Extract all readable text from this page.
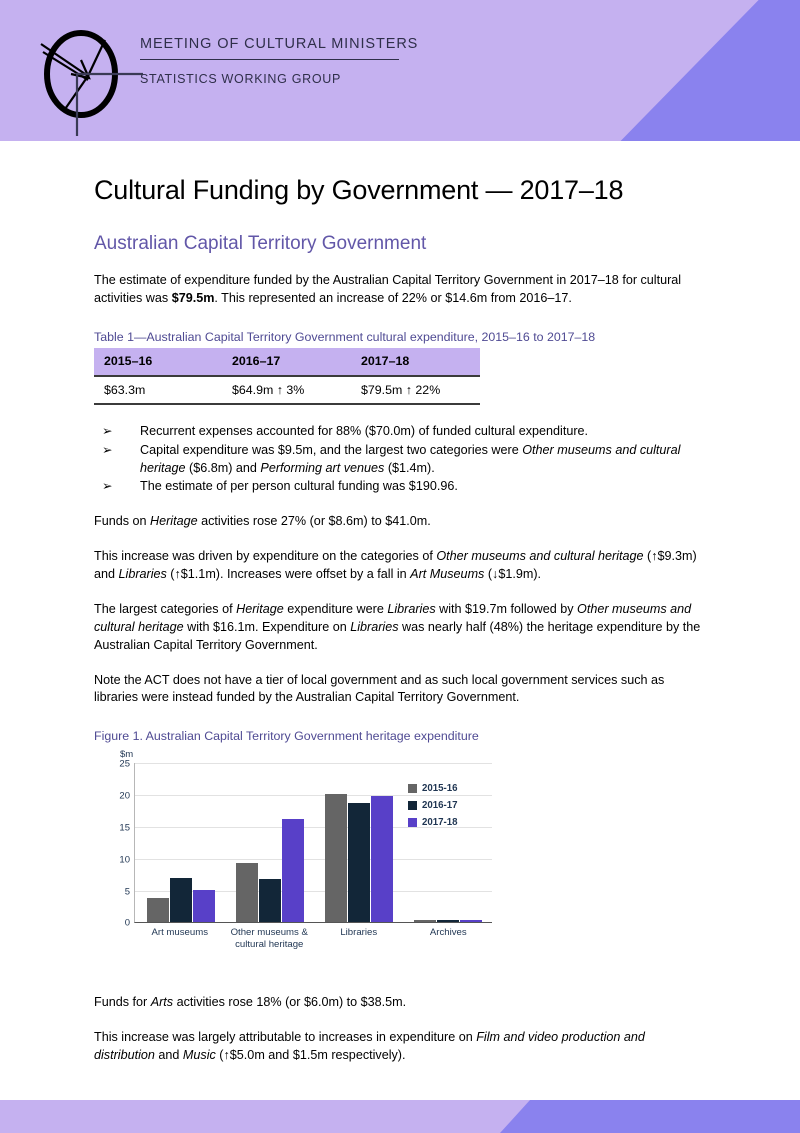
MEETING OF CULTURAL MINISTERS
STATISTICS WORKING GROUP
Cultural Funding by Government — 2017–18
Australian Capital Territory Government

The estimate of expenditure funded by the Australian Capital Territory Government in 2017–18 for cultural activities was $79.5m. This represented an increase of 22% or $14.6m from 2016–17.

Table 1—Australian Capital Territory Government cultural expenditure, 2015–16 to 2017–18
2015–16	2016–17	2017–18
$63.3m	$64.9m ↑ 3%	$79.5m ↑ 22%
➢ Recurrent expenses accounted for 88% ($70.0m) of funded cultural expenditure.
➢ Capital expenditure was $9.5m, and the largest two categories were Other museums and cultural heritage ($6.8m) and Performing art venues ($1.4m).
➢ The estimate of per person cultural funding was $190.96.

Funds on Heritage activities rose 27% (or $8.6m) to $41.0m.

This increase was driven by expenditure on the categories of Other museums and cultural heritage (↑$9.3m) and Libraries (↑$1.1m). Increases were offset by a fall in Art Museums (↓$1.9m).

The largest categories of Heritage expenditure were Libraries with $19.7m followed by Other museums and cultural heritage with $16.1m. Expenditure on Libraries was nearly half (48%) the heritage expenditure by the Australian Capital Territory Government.

Note the ACT does not have a tier of local government and as such local government services such as libraries were instead funded by the Australian Capital Territory Government.

Figure 1. Australian Capital Territory Government heritage expenditure
$m
25
20
15
10
5
0
Art museums	Other museums &
cultural heritage
Libraries	Archives
2015-16
2016-17
2017-18

Funds for Arts activities rose 18% (or $6.0m) to $38.5m.

This increase was largely attributable to increases in expenditure on Film and video production and distribution and Music (↑$5.0m and $1.5m respectively).
